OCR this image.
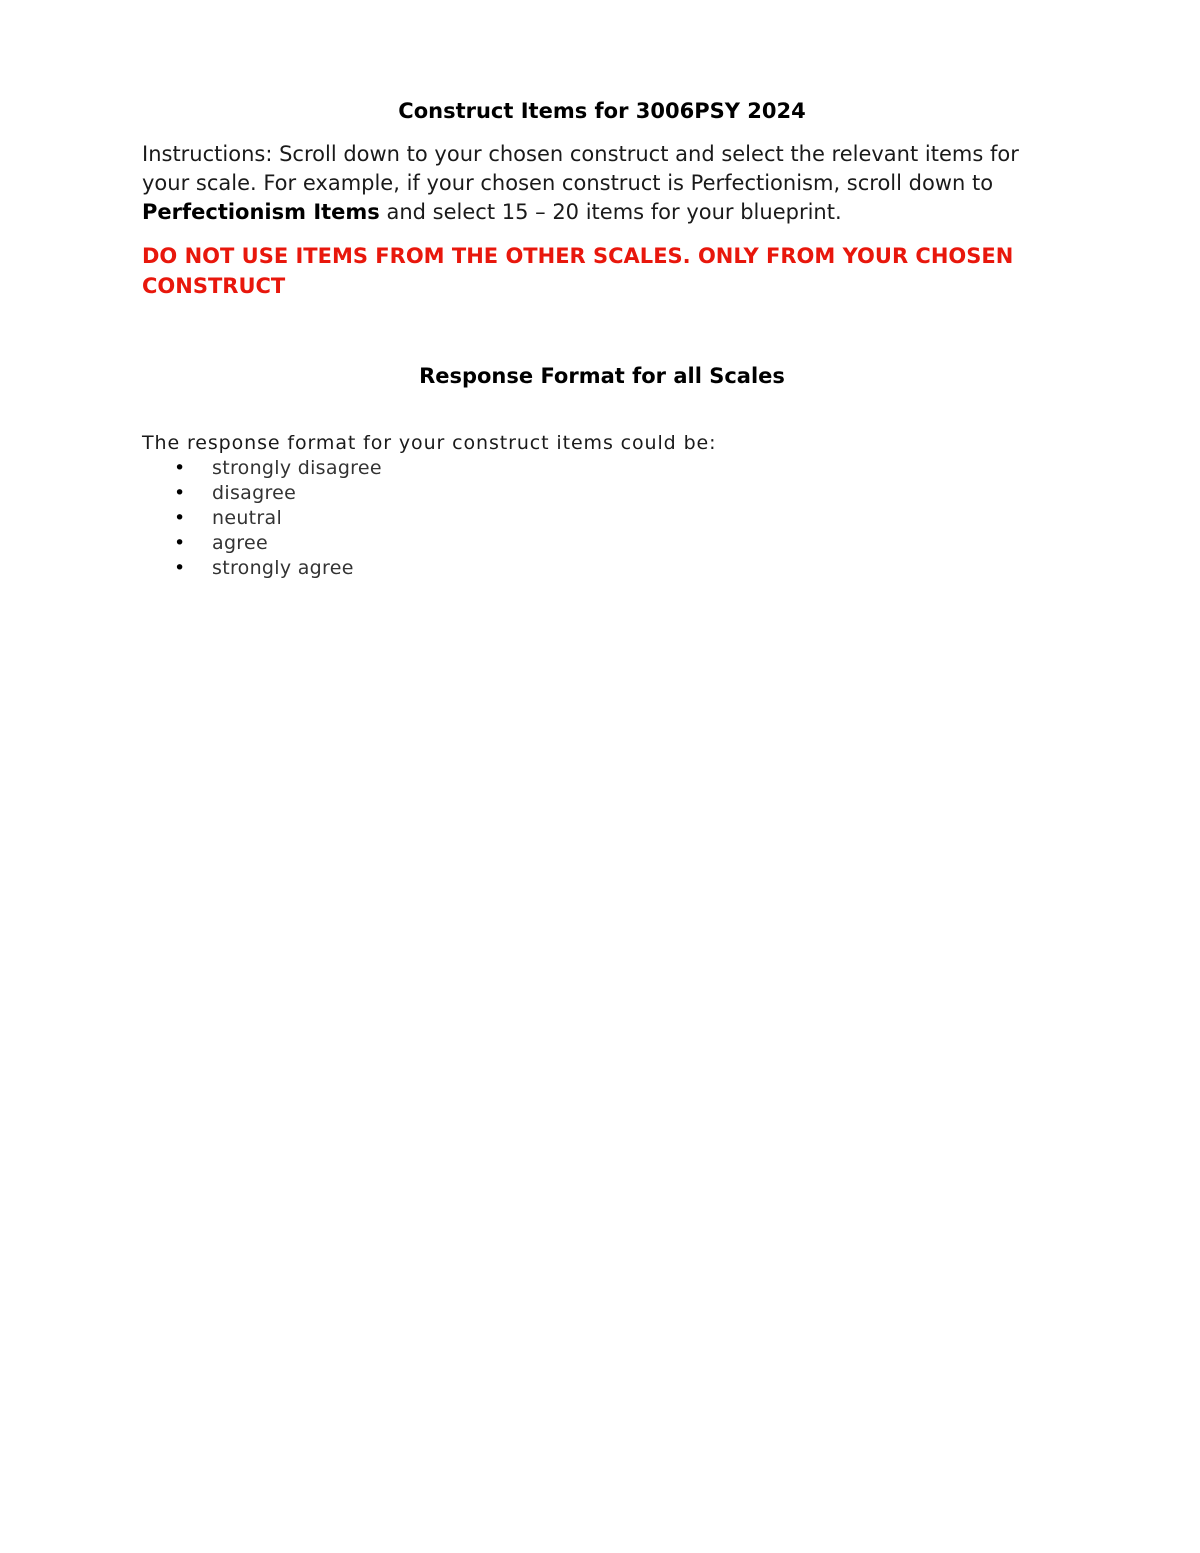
Construct Items for 3006PSY 2024

Instructions: Scroll down to your chosen construct and select the relevant items for your scale. For example, if your chosen construct is Perfectionism, scroll down to Perfectionism Items and select 15 – 20 items for your blueprint.

DO NOT USE ITEMS FROM THE OTHER SCALES. ONLY FROM YOUR CHOSEN CONSTRUCT

Response Format for all Scales

The response format for your construct items could be:

• strongly disagree
• disagree
• neutral
• agree
• strongly agree
